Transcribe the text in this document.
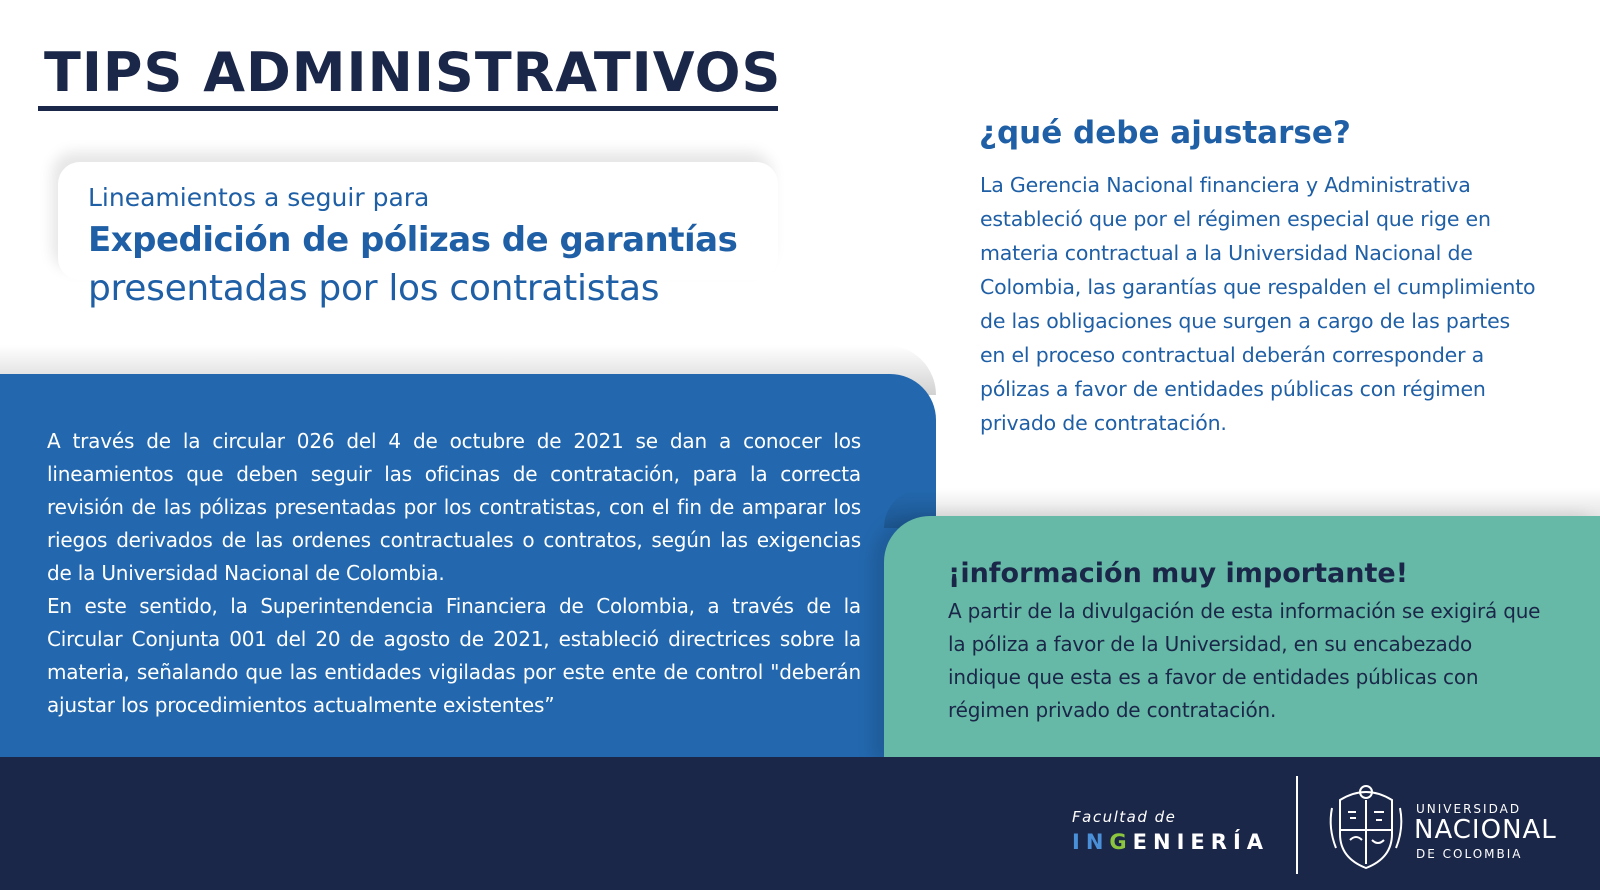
TIPS ADMINISTRATIVOS
Lineamientos a seguir para
Expedición de pólizas de garantías
presentadas por los contratistas

A través de la circular 026 del 4 de octubre de 2021 se dan a conocer los lineamientos que deben seguir las oficinas de contratación, para la correcta revisión de las pólizas presentadas por los contratistas, con el fin de amparar los riegos derivados de las ordenes contractuales o contratos, según las exigencias de la Universidad Nacional de Colombia.

En este sentido, la Superintendencia Financiera de Colombia, a través de la Circular Conjunta 001 del 20 de agosto de 2021, estableció directrices sobre la materia, señalando que las entidades vigiladas por este ente de control "deberán ajustar los procedimientos actualmente existentes”

¿qué debe ajustarse?
La Gerencia Nacional financiera y Administrativa estableció que por el régimen especial que rige en materia contractual a la Universidad Nacional de Colombia, las garantías que respalden el cumplimiento de las obligaciones que surgen a cargo de las partes en el proceso contractual deberán corresponder a pólizas a favor de entidades públicas con régimen privado de contratación.
¡información muy importante!
A partir de la divulgación de esta información se exigirá que la póliza a favor de la Universidad, en su encabezado indique que esta es a favor de entidades públicas con régimen privado de contratación.
Facultad de
INGENIERÍA
UNIVERSIDAD
NACIONAL
DE COLOMBIA
